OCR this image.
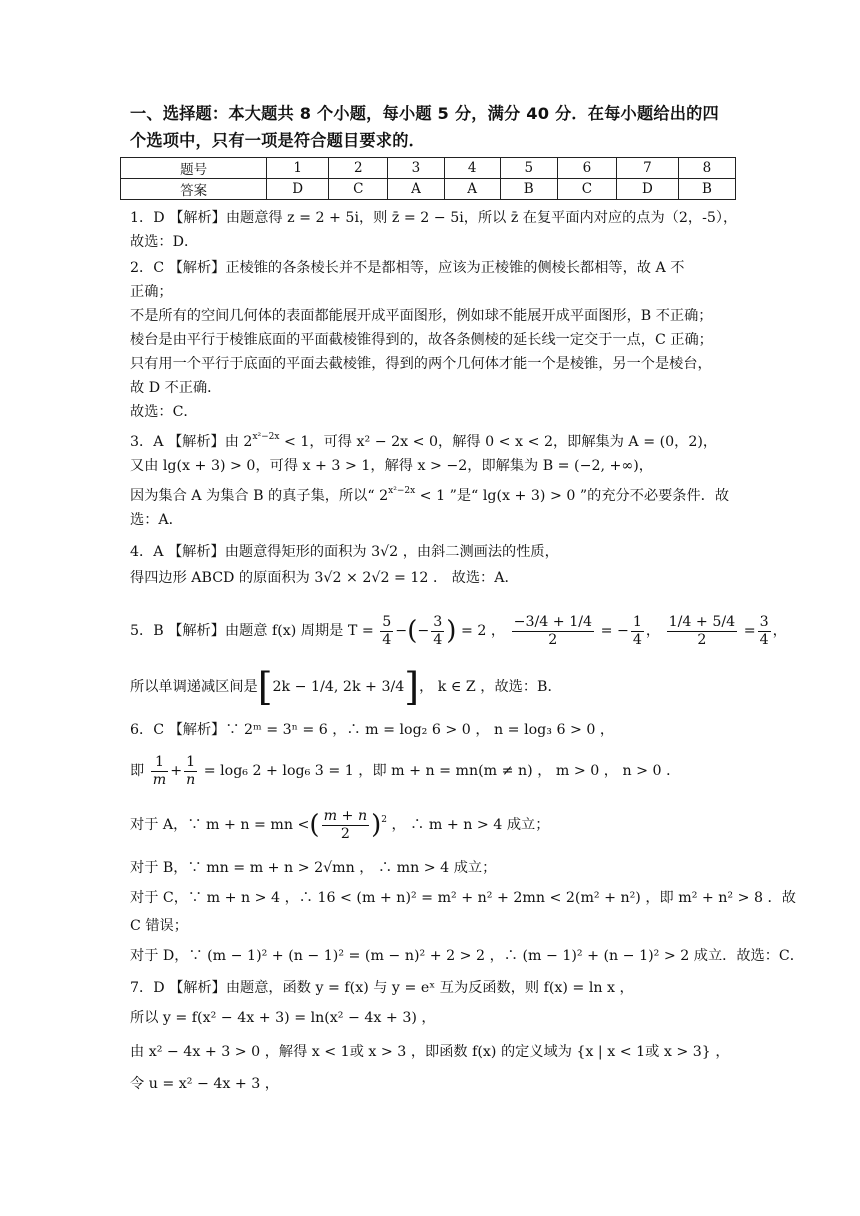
一、选择题：本大题共 8 个小题，每小题 5 分，满分 40 分．在每小题给出的四
个选项中，只有一项是符合题目要求的．
题号	1	2	3	4	5	6	7	8
答案	D	C	A	A	B	C	D	B
1．D 【解析】由题意得 z = 2 + 5i，则 z̄ = 2 − 5i，所以 z̄ 在复平面内对应的点为（2，-5），
故选：D．
2．C 【解析】正棱锥的各条棱长并不是都相等，应该为正棱锥的侧棱长都相等，故 A 不
正确；
不是所有的空间几何体的表面都能展开成平面图形，例如球不能展开成平面图形，B 不正确；
棱台是由平行于棱锥底面的平面截棱锥得到的，故各条侧棱的延长线一定交于一点，C 正确；
只有用一个平行于底面的平面去截棱锥，得到的两个几何体才能一个是棱锥，另一个是棱台，
故 D 不正确．
故选：C．
3．A 【解析】由 $2^{x^2-2x} < 1$，可得 x² − 2x < 0，解得 0 < x < 2，即解集为 A = (0，2)，
又由 lg(x + 3) > 0，可得 x + 3 > 1，解得 x > −2，即解集为 B = (−2, +∞)，
因为集合 A 为集合 B 的真子集，所以“ $2^{x^2-2x} < 1$ ”是“ lg(x + 3) > 0 ”的充分不必要条件．故
选：A．
4．A 【解析】由题意得矩形的面积为 3√2 ，由斜二测画法的性质，
得四边形 ABCD 的原面积为 3√2 × 2√2 = 12 ． 故选：A．
5．B 【解析】由题意 f(x) 周期是 $T = \frac{5}{4}$ −(− $\frac{3}{4}$ ) = 2 ， $\frac{-3/4 + 1/4}{2}$ = − $\frac{1}{4}$ ， $\frac{1/4 + 5/4}{2} = \frac{3}{4}$ ，
所以单调递减区间是[2k − 1/4, 2k + 3/4]， k ∈ Z ，故选：B．
6．C 【解析】∵ 2ᵐ = 3ⁿ = 6 ，∴ m = log₂ 6 > 0 ， n = log₃ 6 > 0 ，
即 $\frac{1}{m} + \frac{1}{n} = \log_6$ 2 + log₆ 3 = 1 ，即 m + n = mn(m ≠ n) ， m > 0 ， n > 0 ．
对于 A，∵ m + n = mn <( $\frac{m + n}{2} )^2$ ， ∴ m + n > 4 成立；
对于 B，∵ mn = m + n > 2√mn ， ∴ mn > 4 成立；
对于 C，∵ m + n > 4 ，∴ 16 < (m + n)² = m² + n² + 2mn < 2(m² + n²) ，即 m² + n² > 8 ．故
C 错误；
对于 D，∵ (m − 1)² + (n − 1)² = (m − n)² + 2 > 2 ，∴ (m − 1)² + (n − 1)² > 2 成立．故选：C．
7．D 【解析】由题意，函数 y = f(x) 与 y = eˣ 互为反函数，则 f(x) = ln x ，
所以 y = f(x² − 4x + 3) = ln(x² − 4x + 3) ，
由 x² − 4x + 3 > 0 ，解得 x < 1或 x > 3 ，即函数 f(x) 的定义域为 {x | x < 1或 x > 3} ，
令 u = x² − 4x + 3 ，
